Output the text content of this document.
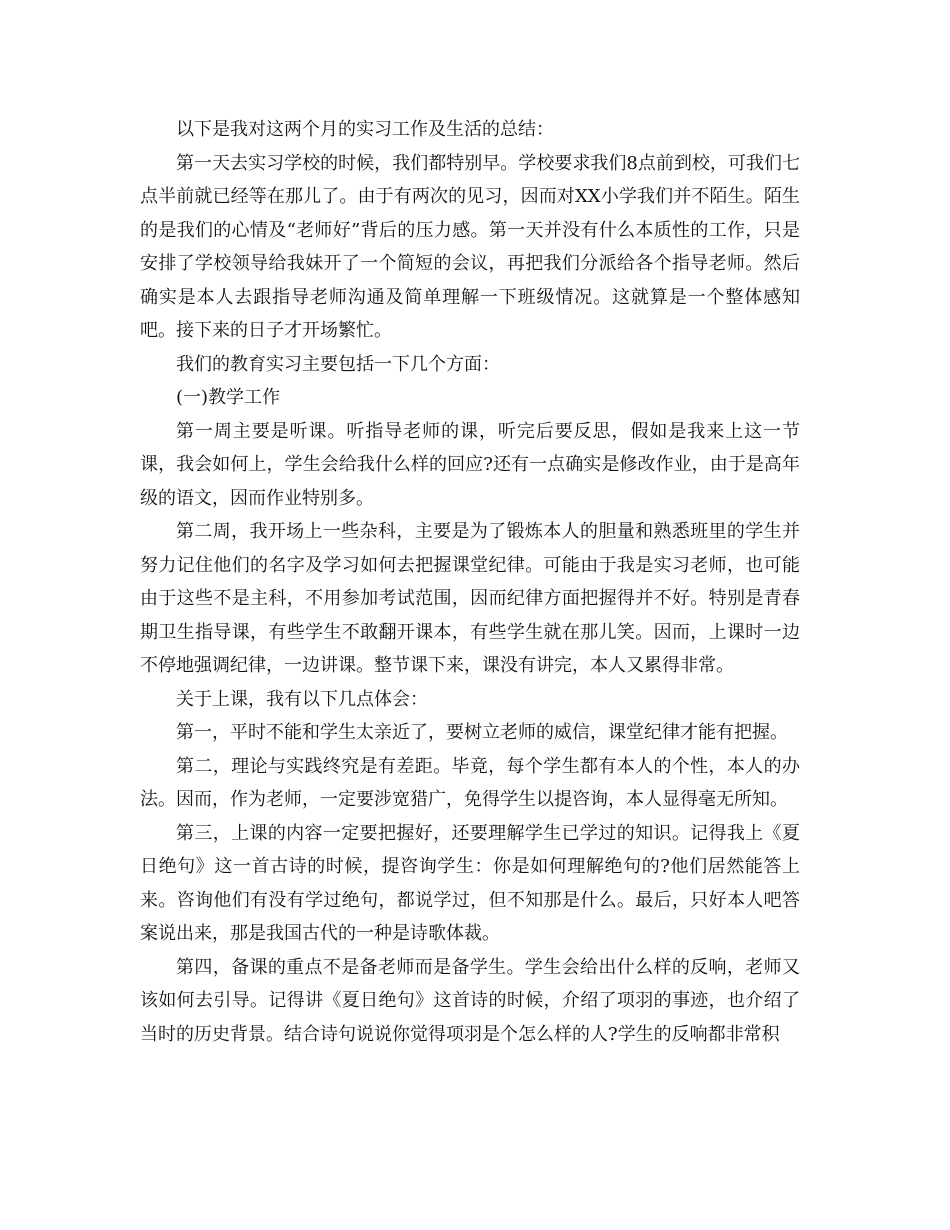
以下是我对这两个月的实习工作及生活的总结：

第一天去实习学校的时候，我们都特别早。学校要求我们8点前到校，可我们七点半前就已经等在那儿了。由于有两次的见习，因而对XX小学我们并不陌生。陌生的是我们的心情及“老师好”背后的压力感。第一天并没有什么本质性的工作，只是安排了学校领导给我妹开了一个简短的会议，再把我们分派给各个指导老师。然后确实是本人去跟指导老师沟通及简单理解一下班级情况。这就算是一个整体感知吧。接下来的日子才开场繁忙。

我们的教育实习主要包括一下几个方面：

(一)教学工作

第一周主要是听课。听指导老师的课，听完后要反思，假如是我来上这一节课，我会如何上，学生会给我什么样的回应?还有一点确实是修改作业，由于是高年级的语文，因而作业特别多。

第二周，我开场上一些杂科，主要是为了锻炼本人的胆量和熟悉班里的学生并努力记住他们的名字及学习如何去把握课堂纪律。可能由于我是实习老师，也可能由于这些不是主科，不用参加考试范围，因而纪律方面把握得并不好。特别是青春期卫生指导课，有些学生不敢翻开课本，有些学生就在那儿笑。因而，上课时一边不停地强调纪律，一边讲课。整节课下来，课没有讲完，本人又累得非常。

关于上课，我有以下几点体会：

第一，平时不能和学生太亲近了，要树立老师的威信，课堂纪律才能有把握。

第二，理论与实践终究是有差距。毕竟，每个学生都有本人的个性，本人的办法。因而，作为老师，一定要涉宽猎广，免得学生以提咨询，本人显得毫无所知。

第三，上课的内容一定要把握好，还要理解学生已学过的知识。记得我上《夏日绝句》这一首古诗的时候，提咨询学生：你是如何理解绝句的?他们居然能答上来。咨询他们有没有学过绝句，都说学过，但不知那是什么。最后，只好本人吧答案说出来，那是我国古代的一种是诗歌体裁。

第四，备课的重点不是备老师而是备学生。学生会给出什么样的反响，老师又该如何去引导。记得讲《夏日绝句》这首诗的时候，介绍了项羽的事迹，也介绍了当时的历史背景。结合诗句说说你觉得项羽是个怎么样的人?学生的反响都非常积
